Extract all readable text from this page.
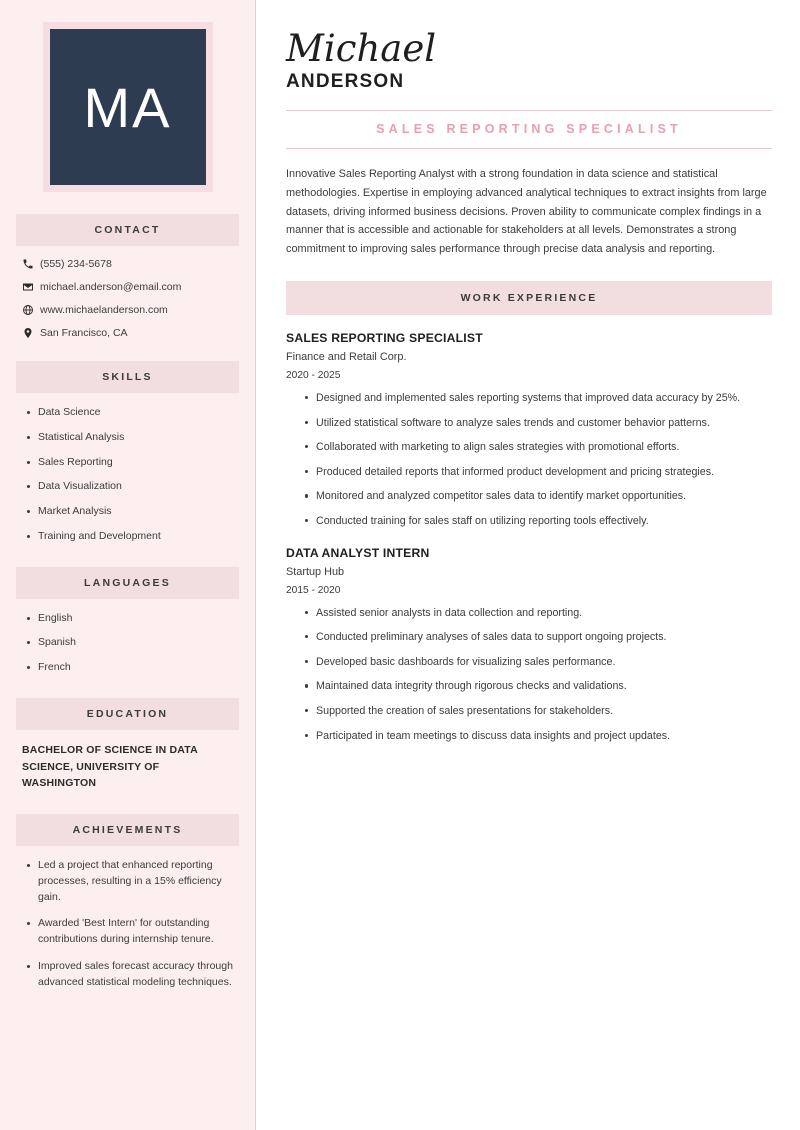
MA
CONTACT
(555) 234-5678
michael.anderson@email.com
www.michaelanderson.com
San Francisco, CA
SKILLS
Data Science
Statistical Analysis
Sales Reporting
Data Visualization
Market Analysis
Training and Development
LANGUAGES
English
Spanish
French
EDUCATION
BACHELOR OF SCIENCE IN DATA SCIENCE, UNIVERSITY OF WASHINGTON
ACHIEVEMENTS
Led a project that enhanced reporting processes, resulting in a 15% efficiency gain.
Awarded 'Best Intern' for outstanding contributions during internship tenure.
Improved sales forecast accuracy through advanced statistical modeling techniques.
Michael
ANDERSON
SALES REPORTING SPECIALIST

Innovative Sales Reporting Analyst with a strong foundation in data science and statistical methodologies. Expertise in employing advanced analytical techniques to extract insights from large datasets, driving informed business decisions. Proven ability to communicate complex findings in a manner that is accessible and actionable for stakeholders at all levels. Demonstrates a strong commitment to improving sales performance through precise data analysis and reporting.

WORK EXPERIENCE
SALES REPORTING SPECIALIST
Finance and Retail Corp.
2020 - 2025
Designed and implemented sales reporting systems that improved data accuracy by 25%.
Utilized statistical software to analyze sales trends and customer behavior patterns.
Collaborated with marketing to align sales strategies with promotional efforts.
Produced detailed reports that informed product development and pricing strategies.
Monitored and analyzed competitor sales data to identify market opportunities.
Conducted training for sales staff on utilizing reporting tools effectively.
DATA ANALYST INTERN
Startup Hub
2015 - 2020
Assisted senior analysts in data collection and reporting.
Conducted preliminary analyses of sales data to support ongoing projects.
Developed basic dashboards for visualizing sales performance.
Maintained data integrity through rigorous checks and validations.
Supported the creation of sales presentations for stakeholders.
Participated in team meetings to discuss data insights and project updates.
